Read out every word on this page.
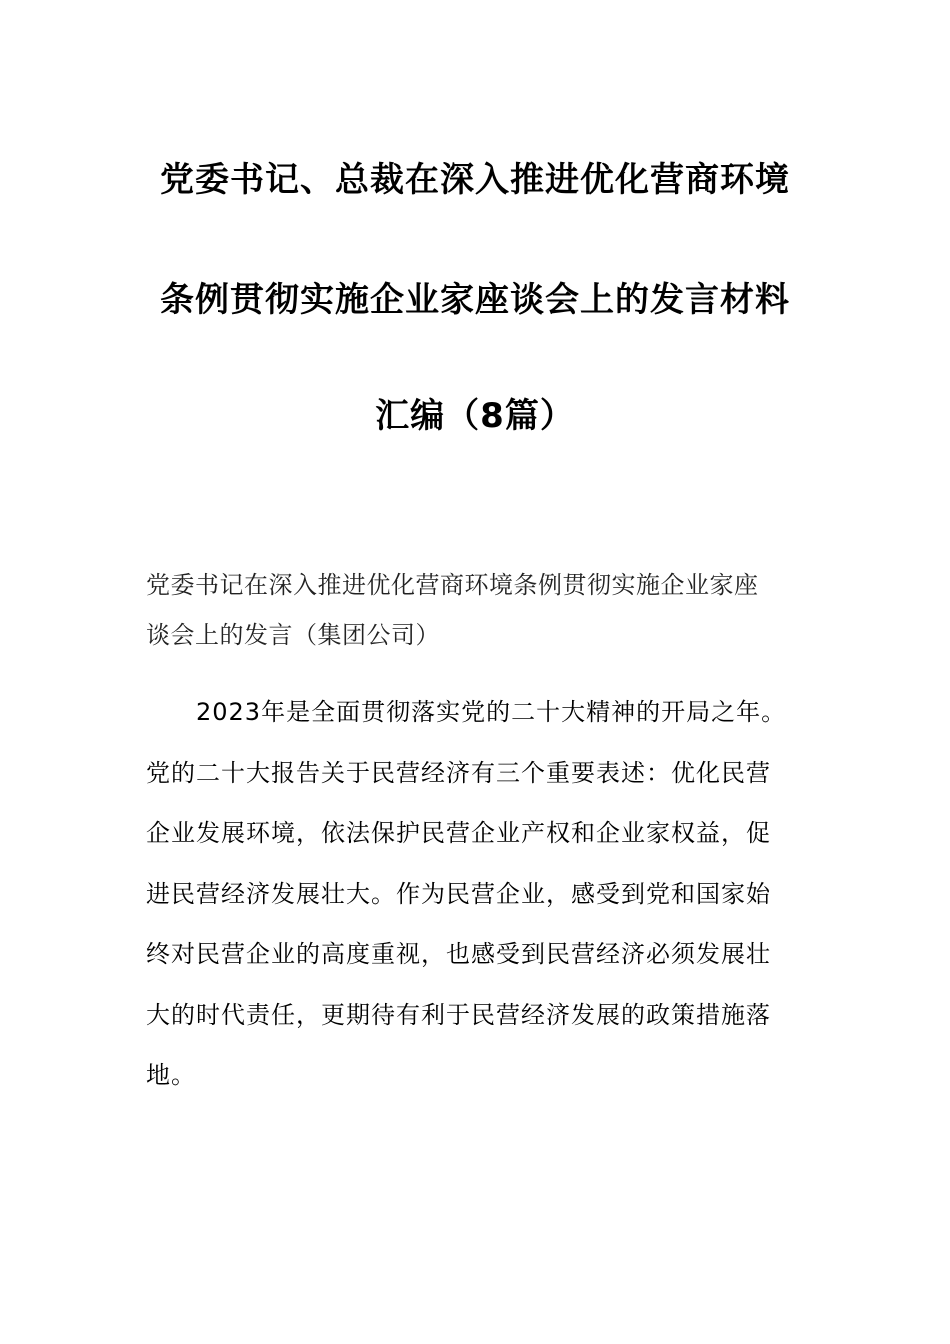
党委书记、总裁在深入推进优化营商环境
条例贯彻实施企业家座谈会上的发言材料
汇编（8篇）
党委书记在深入推进优化营商环境条例贯彻实施企业家座
谈会上的发言（集团公司）
2023年是全面贯彻落实党的二十大精神的开局之年。
党的二十大报告关于民营经济有三个重要表述：优化民营
企业发展环境，依法保护民营企业产权和企业家权益，促
进民营经济发展壮大。作为民营企业，感受到党和国家始
终对民营企业的高度重视，也感受到民营经济必须发展壮
大的时代责任，更期待有利于民营经济发展的政策措施落
地。
